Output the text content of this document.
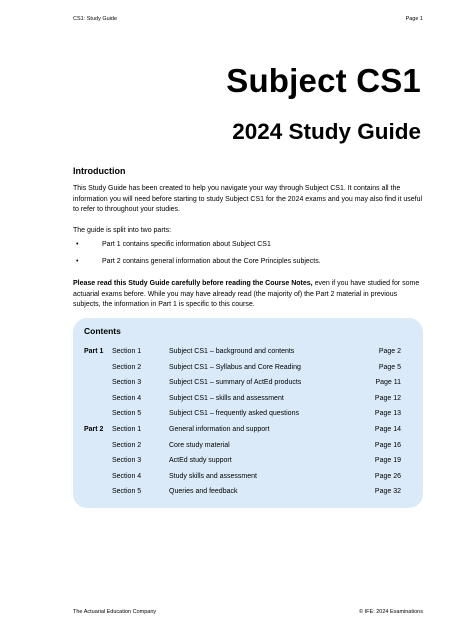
CS1: Study Guide	Page 1
Subject CS1
2024 Study Guide
Introduction
This Study Guide has been created to help you navigate your way through Subject CS1. It contains all the information you will need before starting to study Subject CS1 for the 2024 exams and you may also find it useful to refer to throughout your studies.
The guide is split into two parts:
•	Part 1 contains specific information about Subject CS1
•	Part 2 contains general information about the Core Principles subjects.
Please read this Study Guide carefully before reading the Course Notes, even if you have studied for some actuarial exams before. While you may have already read (the majority of) the Part 2 material in previous subjects, the information in Part 1 is specific to this course.
Contents
Part 1 Section 1	Subject CS1 – background and contents	Page 2
Section 2	Subject CS1 – Syllabus and Core Reading	Page 5
Section 3	Subject CS1 – summary of ActEd products	Page 11
Section 4	Subject CS1 – skills and assessment	Page 12
Section 5	Subject CS1 – frequently asked questions	Page 13
Part 2 Section 1	General information and support	Page 14
Section 2	Core study material	Page 16
Section 3	ActEd study support	Page 19
Section 4	Study skills and assessment	Page 26
Section 5	Queries and feedback	Page 32
The Actuarial Education Company	© IFE: 2024 Examinations
